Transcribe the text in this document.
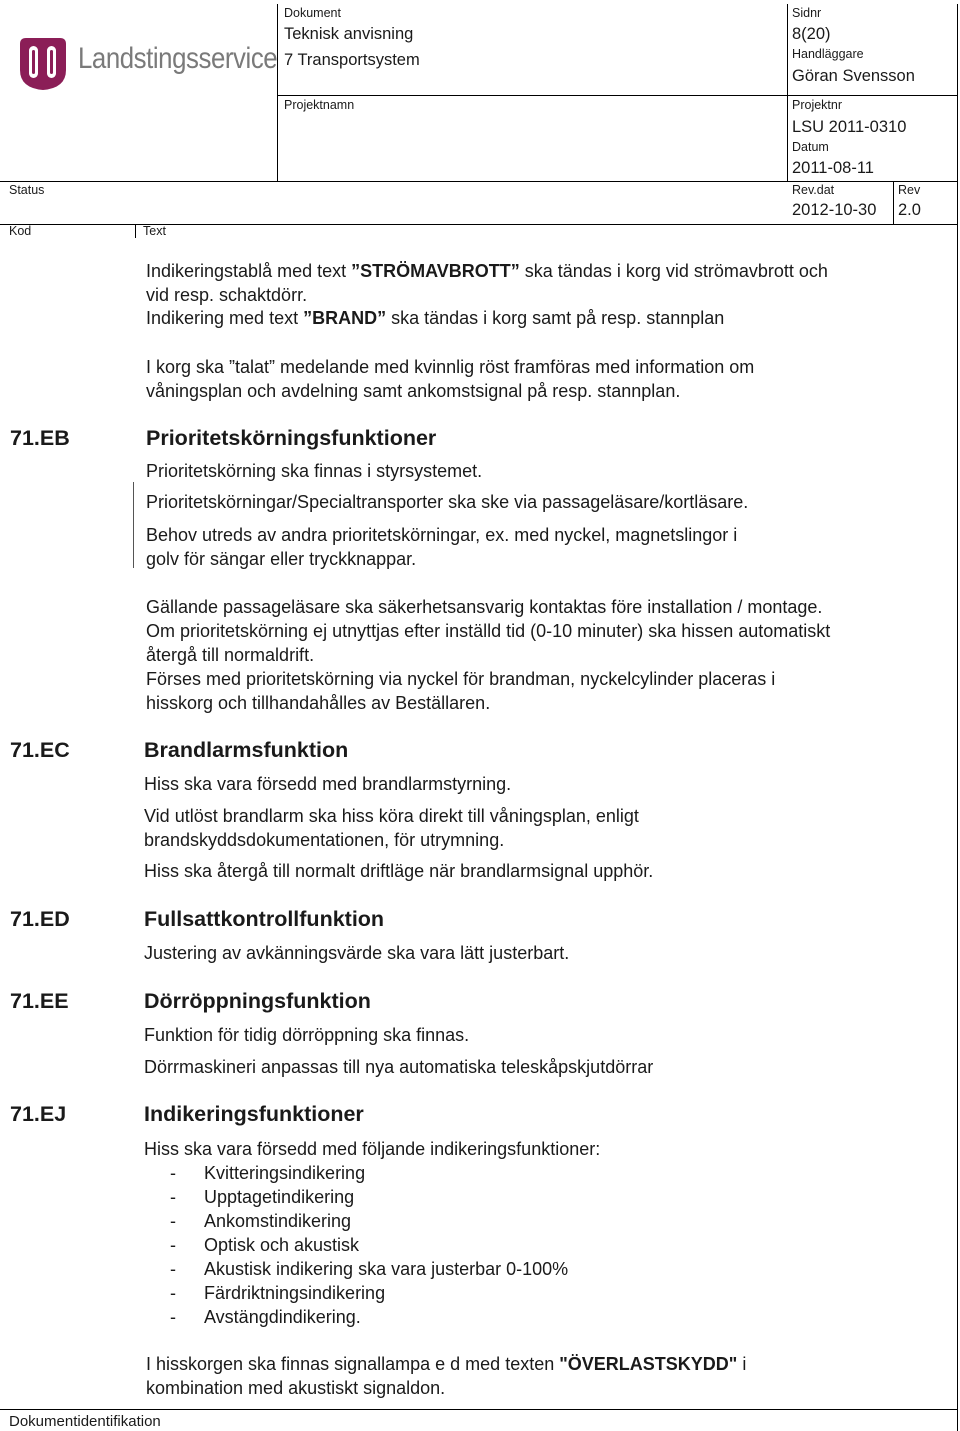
Landstingsservice
Dokument
Teknisk anvisning
7 Transportsystem
Sidnr
8(20)
Handläggare
Göran Svensson
Projektnamn	Projektnr
LSU 2011-0310
Datum
2011-08-11
Status	Rev.dat
2012-10-30
Rev
2.0
Kod	Text
Indikeringstablå med text ”STRÖMAVBROTT” ska tändas i korg vid strömavbrott och
vid resp. schaktdörr.
Indikering med text ”BRAND” ska tändas i korg samt på resp. stannplan
I korg ska ”talat” medelande med kvinnlig röst framföras med information om
våningsplan och avdelning samt ankomstsignal på resp. stannplan.
71.EB	Prioritetskörningsfunktioner
Prioritetskörning ska finnas i styrsystemet.
Prioritetskörningar/Specialtransporter ska ske via passageläsare/kortläsare.
Behov utreds av andra prioritetskörningar, ex. med nyckel, magnetslingor i
golv för sängar eller tryckknappar.
Gällande passageläsare ska säkerhetsansvarig kontaktas före installation / montage.
Om prioritetskörning ej utnyttjas efter inställd tid (0-10 minuter) ska hissen automatiskt
återgå till normaldrift.
Förses med prioritetskörning via nyckel för brandman, nyckelcylinder placeras i
hisskorg och tillhandahålles av Beställaren.
71.EC	Brandlarmsfunktion
Hiss ska vara försedd med brandlarmstyrning.
Vid utlöst brandlarm ska hiss köra direkt till våningsplan, enligt
brandskyddsdokumentationen, för utrymning.
Hiss ska återgå till normalt driftläge när brandlarmsignal upphör.
71.ED	Fullsattkontrollfunktion
Justering av avkänningsvärde ska vara lätt justerbart.
71.EE	Dörröppningsfunktion
Funktion för tidig dörröppning ska finnas.
Dörrmaskineri anpassas till nya automatiska teleskåpskjutdörrar
71.EJ	Indikeringsfunktioner
Hiss ska vara försedd med följande indikeringsfunktioner:
- Kvitteringsindikering
- Upptagetindikering
- Ankomstindikering
- Optisk och akustisk
- Akustisk indikering ska vara justerbar 0-100%
- Färdriktningsindikering
- Avstängdindikering.
I hisskorgen ska finnas signallampa e d med texten "ÖVERLASTSKYDD" i
kombination med akustiskt signaldon.
Dokumentidentifikation
